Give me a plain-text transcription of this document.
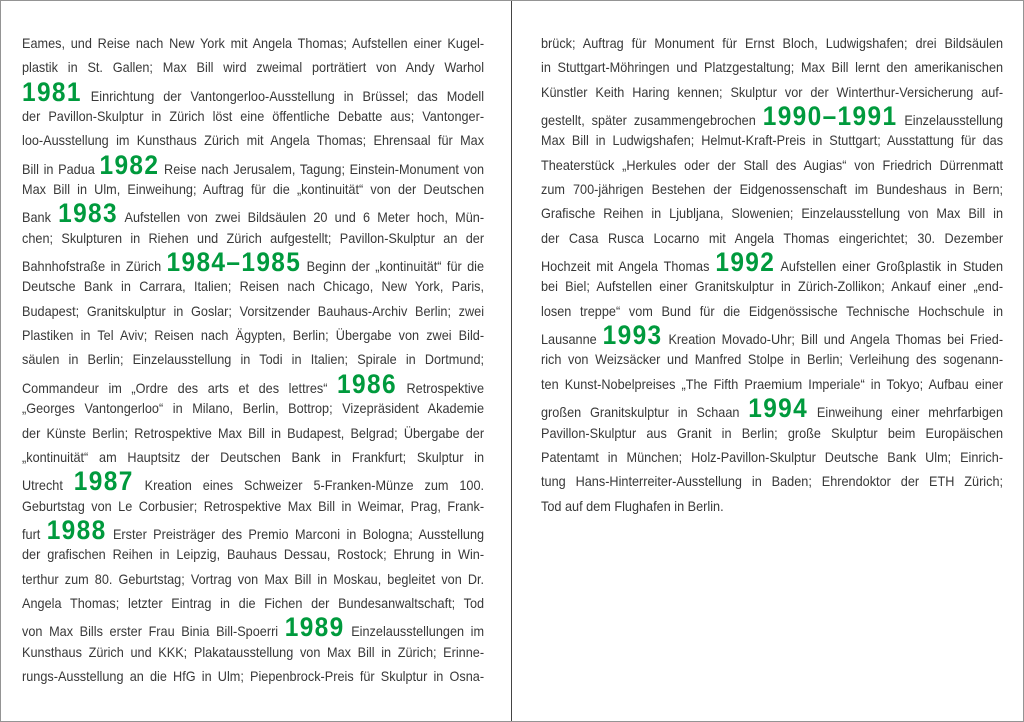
Eames, und Reise nach New York mit Angela Thomas; Aufstellen einer Kugel-
plastik in St. Gallen; Max Bill wird zweimal porträtiert von Andy Warhol
1981 Einrichtung der Vantongerloo-Ausstellung in Brüssel; das Modell
der Pavillon-Skulptur in Zürich löst eine öffentliche Debatte aus; Vantonger-
loo-Ausstellung im Kunsthaus Zürich mit Angela Thomas; Ehrensaal für Max
Bill in Padua 1982 Reise nach Jerusalem, Tagung; Einstein-Monument von
Max Bill in Ulm, Einweihung; Auftrag für die „kontinuität“ von der Deutschen
Bank 1983 Aufstellen von zwei Bildsäulen 20 und 6 Meter hoch, Mün-
chen; Skulpturen in Riehen und Zürich aufgestellt; Pavillon-Skulptur an der
Bahnhofstraße in Zürich 1984–1985 Beginn der „kontinuität“ für die
Deutsche Bank in Carrara, Italien; Reisen nach Chicago, New York, Paris,
Budapest; Granitskulptur in Goslar; Vorsitzender Bauhaus-Archiv Berlin; zwei
Plastiken in Tel Aviv; Reisen nach Ägypten, Berlin; Übergabe von zwei Bild-
säulen in Berlin; Einzelausstellung in Todi in Italien; Spirale in Dortmund;
Commandeur im „Ordre des arts et des lettres“ 1986 Retrospektive
„Georges Vantongerloo“ in Milano, Berlin, Bottrop; Vizepräsident Akademie
der Künste Berlin; Retrospektive Max Bill in Budapest, Belgrad; Übergabe der
„kontinuität“ am Hauptsitz der Deutschen Bank in Frankfurt; Skulptur in
Utrecht 1987 Kreation eines Schweizer 5-Franken-Münze zum 100.
Geburtstag von Le Corbusier; Retrospektive Max Bill in Weimar, Prag, Frank-
furt 1988 Erster Preisträger des Premio Marconi in Bologna; Ausstellung
der grafischen Reihen in Leipzig, Bauhaus Dessau, Rostock; Ehrung in Win-
terthur zum 80. Geburtstag; Vortrag von Max Bill in Moskau, begleitet von Dr.
Angela Thomas; letzter Eintrag in die Fichen der Bundesanwaltschaft; Tod
von Max Bills erster Frau Binia Bill-Spoerri 1989 Einzelausstellungen im
Kunsthaus Zürich und KKK; Plakatausstellung von Max Bill in Zürich; Erinne-
rungs-Ausstellung an die HfG in Ulm; Piepenbrock-Preis für Skulptur in Osna-
brück; Auftrag für Monument für Ernst Bloch, Ludwigshafen; drei Bildsäulen
in Stuttgart-Möhringen und Platzgestaltung; Max Bill lernt den amerikanischen
Künstler Keith Haring kennen; Skulptur vor der Winterthur-Versicherung auf-
gestellt, später zusammengebrochen 1990–1991 Einzelausstellung
Max Bill in Ludwigshafen; Helmut-Kraft-Preis in Stuttgart; Ausstattung für das
Theaterstück „Herkules oder der Stall des Augias“ von Friedrich Dürrenmatt
zum 700-jährigen Bestehen der Eidgenossenschaft im Bundeshaus in Bern;
Grafische Reihen in Ljubljana, Slowenien; Einzelausstellung von Max Bill in
der Casa Rusca Locarno mit Angela Thomas eingerichtet; 30. Dezember
Hochzeit mit Angela Thomas 1992 Aufstellen einer Großplastik in Studen
bei Biel; Aufstellen einer Granitskulptur in Zürich-Zollikon; Ankauf einer „end-
losen treppe“ vom Bund für die Eidgenössische Technische Hochschule in
Lausanne 1993 Kreation Movado-Uhr; Bill und Angela Thomas bei Fried-
rich von Weizsäcker und Manfred Stolpe in Berlin; Verleihung des sogenann-
ten Kunst-Nobelpreises „The Fifth Praemium Imperiale“ in Tokyo; Aufbau einer
großen Granitskulptur in Schaan 1994 Einweihung einer mehrfarbigen
Pavillon-Skulptur aus Granit in Berlin; große Skulptur beim Europäischen
Patentamt in München; Holz-Pavillon-Skulptur Deutsche Bank Ulm; Einrich-
tung Hans-Hinterreiter-Ausstellung in Baden; Ehrendoktor der ETH Zürich;
Tod auf dem Flughafen in Berlin.
